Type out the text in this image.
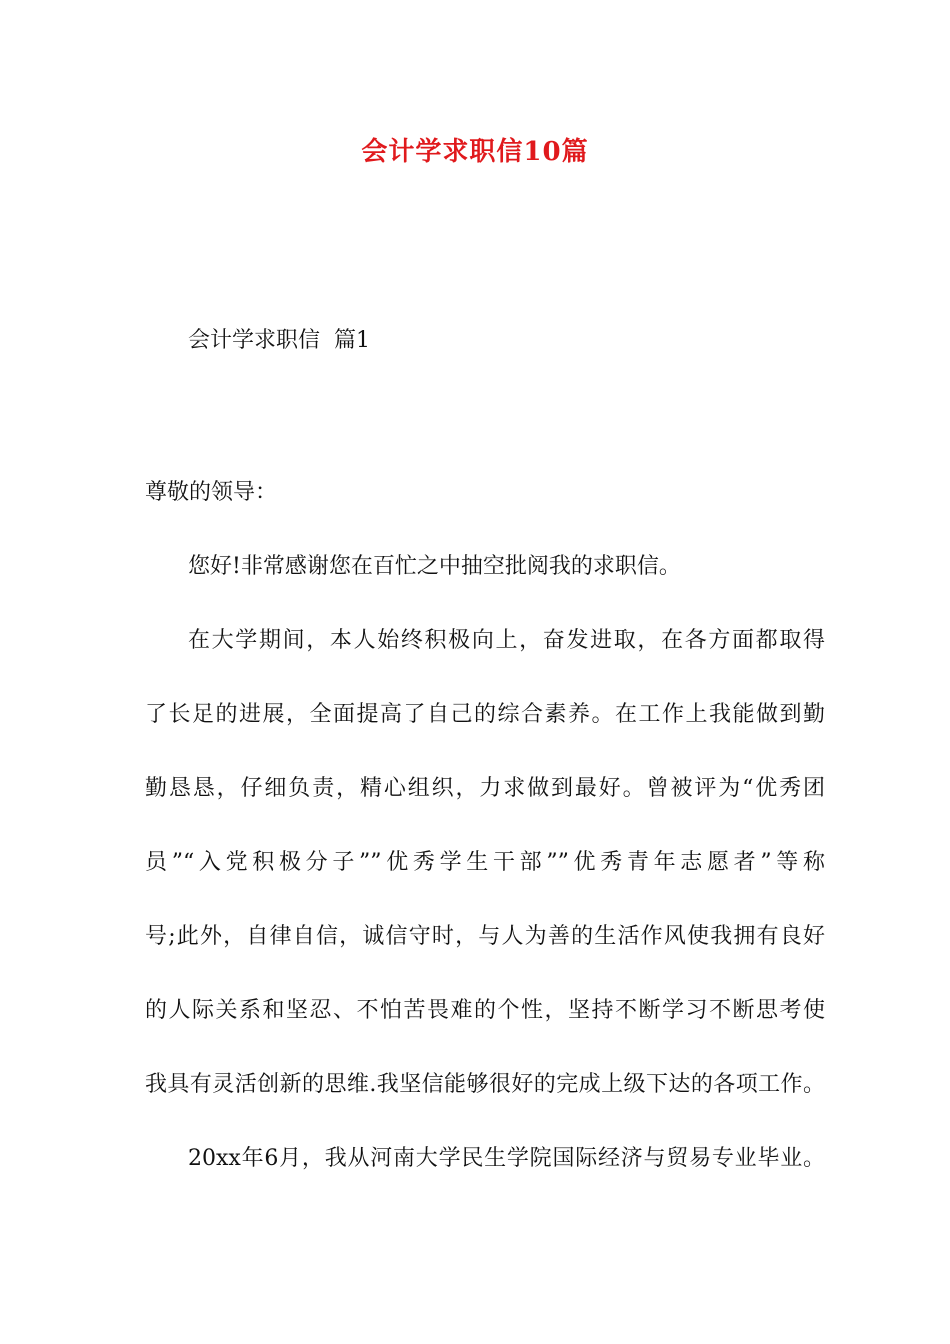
会计学求职信10篇
会计学求职信  篇1
尊敬的领导：
您好!非常感谢您在百忙之中抽空批阅我的求职信。
在大学期间，本人始终积极向上，奋发进取，在各方面都取得
了长足的进展，全面提高了自己的综合素养。在工作上我能做到勤
勤恳恳，仔细负责，精心组织，力求做到最好。曾被评为“优秀团
员”“入党积极分子””优秀学生干部””优秀青年志愿者”等称
号;此外，自律自信，诚信守时，与人为善的生活作风使我拥有良好
的人际关系和坚忍、不怕苦畏难的个性，坚持不断学习不断思考使
我具有灵活创新的思维.我坚信能够很好的完成上级下达的各项工作。
20xx年6月，我从河南大学民生学院国际经济与贸易专业毕业。
